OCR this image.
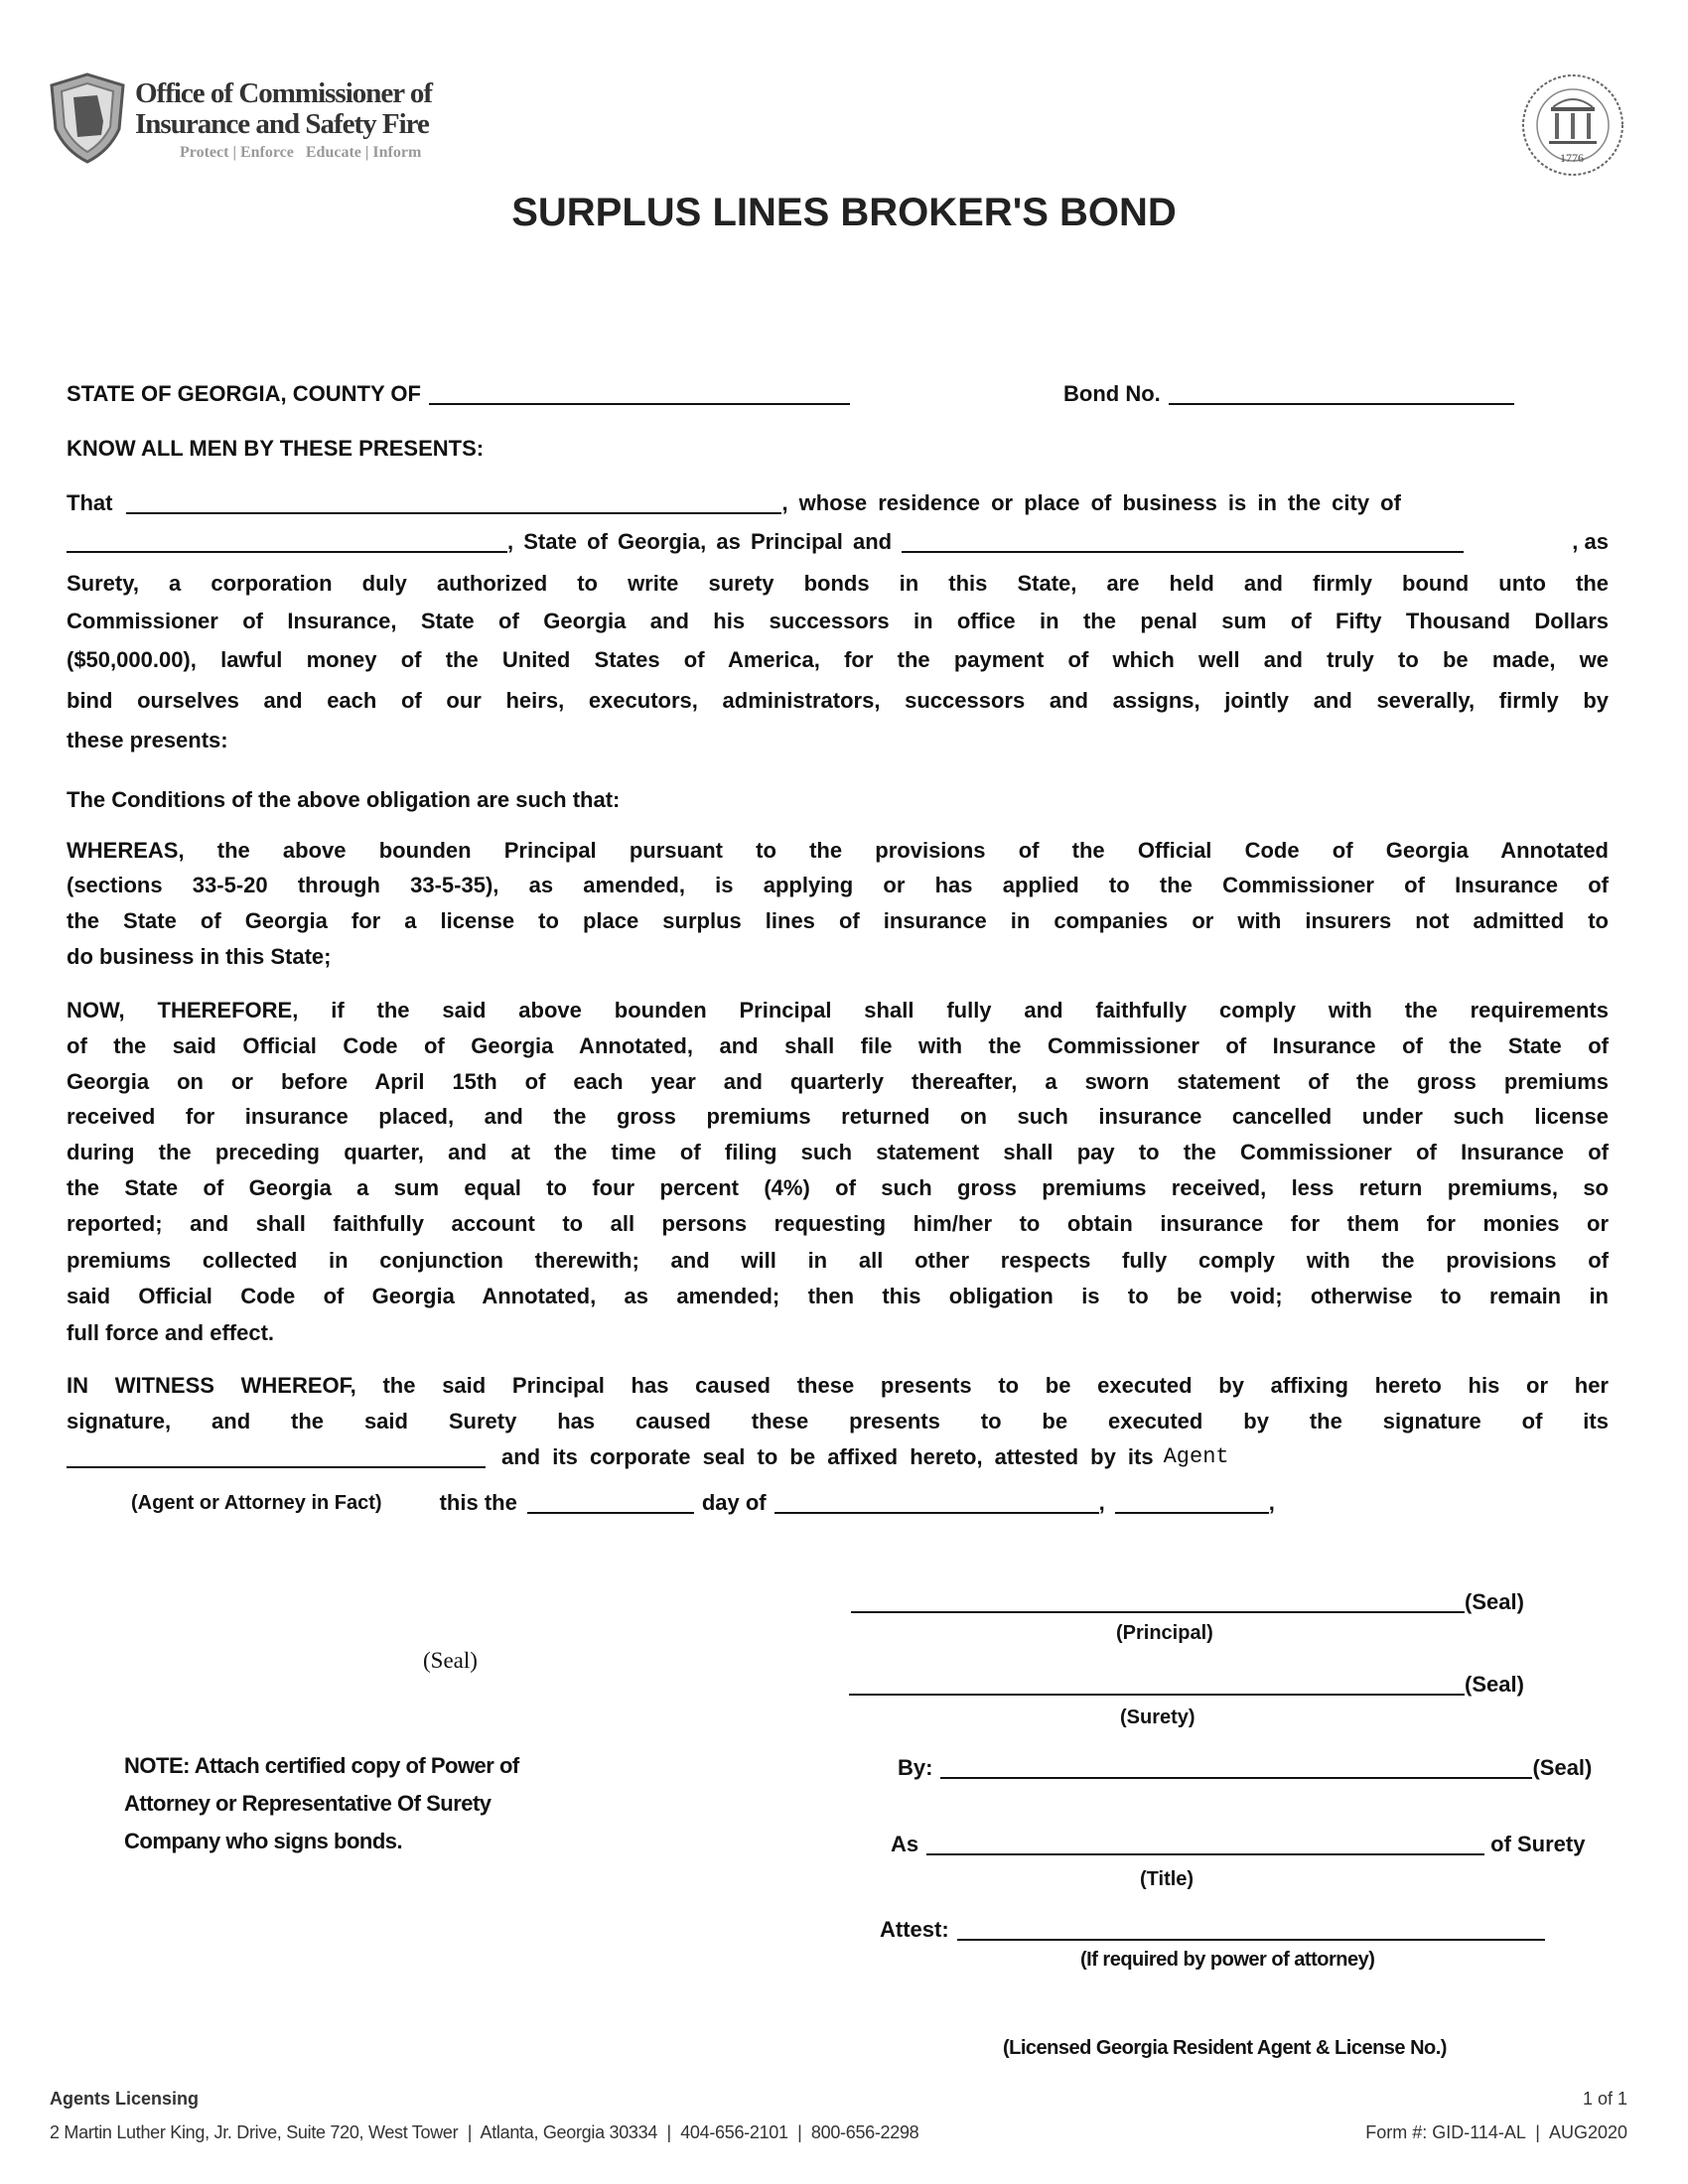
Office of Commissioner of
Insurance and Safety Fire
Protect | Enforce   Educate | Inform	1776
SURPLUS LINES BROKER'S BOND
STATE OF GEORGIA, COUNTY OF	Bond No.
KNOW ALL MEN BY THESE PRESENTS:
That	, whose residence or place of business is in the city of
, State of Georgia, as Principal and	, as
Surety, a corporation duly authorized to write surety bonds in this State, are held and firmly bound unto the
Commissioner of Insurance, State of Georgia and his successors in office in the penal sum of Fifty Thousand Dollars
($50,000.00), lawful money of the United States of America, for the payment of which well and truly to be made, we
bind ourselves and each of our heirs, executors, administrators, successors and assigns, jointly and severally, firmly by
these presents:
The Conditions of the above obligation are such that:
WHEREAS, the above bounden Principal pursuant to the provisions of the Official Code of Georgia Annotated
(sections 33-5-20 through 33-5-35), as amended, is applying or has applied to the Commissioner of Insurance of
the State of Georgia for a license to place surplus lines of insurance in companies or with insurers not admitted to
do business in this State;
NOW, THEREFORE, if the said above bounden Principal shall fully and faithfully comply with the requirements
of the said Official Code of Georgia Annotated, and shall file with the Commissioner of Insurance of the State of
Georgia on or before April 15th of each year and quarterly thereafter, a sworn statement of the gross premiums
received for insurance placed, and the gross premiums returned on such insurance cancelled under such license
during the preceding quarter, and at the time of filing such statement shall pay to the Commissioner of Insurance of
the State of Georgia a sum equal to four percent (4%) of such gross premiums received, less return premiums, so
reported; and shall faithfully account to all persons requesting him/her to obtain insurance for them for monies or
premiums collected in conjunction therewith; and will in all other respects fully comply with the provisions of
said Official Code of Georgia Annotated, as amended; then this obligation is to be void; otherwise to remain in
full force and effect.
IN WITNESS WHEREOF, the said Principal has caused these presents to be executed by affixing hereto his or her
signature, and the said Surety has caused these presents to be executed by the signature of its
and its corporate seal to be affixed hereto, attested by its Agent
(Agent or Attorney in Fact)	this the	day of	,	,
(Seal)
(Principal)
(Seal)
(Seal)
(Surety)
NOTE: Attach certified copy of Power of
Attorney or Representative Of Surety
Company who signs bonds.
By:	(Seal)
As	of Surety
(Title)
Attest:
(If required by power of attorney)
(Licensed Georgia Resident Agent & License No.)
Agents Licensing
2 Martin Luther King, Jr. Drive, Suite 720, West Tower  |  Atlanta, Georgia 30334  |  404-656-2101  |  800-656-2298
1 of 1
Form #: GID-114-AL  |  AUG2020
